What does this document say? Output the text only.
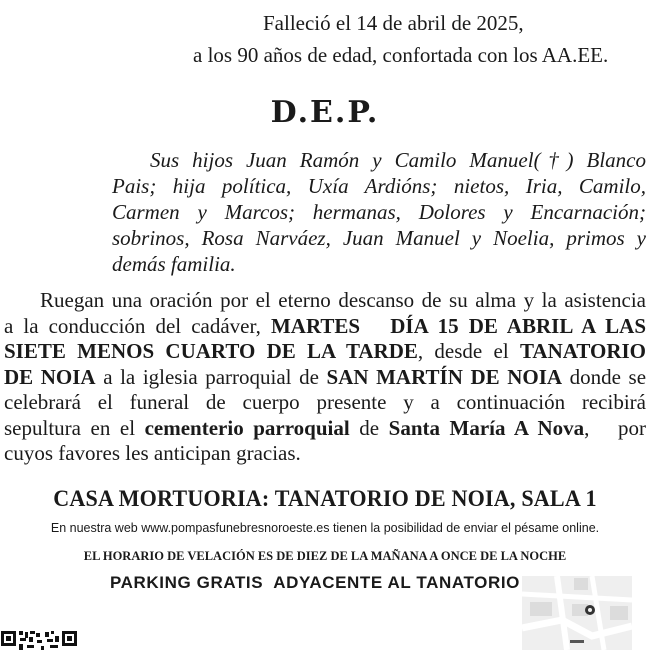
Falleció el 14 de abril de 2025,
a los 90 años de edad, confortada con los AA.EE.
D.E.P.

Sus hijos Juan Ramón y Camilo Manuel(†) Blanco
Pais; hija política, Uxía Ardións; nietos, Iria, Camilo,
Carmen y Marcos; hermanas, Dolores y Encarnación;
sobrinos, Rosa Narváez, Juan Manuel y Noelia, primos y
demás familia.

Ruegan una oración por el eterno descanso de su alma y la asistencia
a la conducción del cadáver, MARTES   DÍA 15 DE ABRIL A LAS
SIETE MENOS CUARTO DE LA TARDE, desde el TANATORIO
DE NOIA a la iglesia parroquial de SAN MARTÍN DE NOIA donde se
celebrará el funeral de cuerpo presente y a continuación recibirá
sepultura en el cementerio parroquial de Santa María A Nova,   por
cuyos favores les anticipan gracias.

CASA MORTUORIA: TANATORIO DE NOIA, SALA 1
En nuestra web www.pompasfunebresnoroeste.es tienen la posibilidad de enviar el pésame online.
EL HORARIO DE VELACIÓN ES DE DIEZ DE LA MAÑANA A ONCE DE LA NOCHE
PARKING GRATIS  ADYACENTE AL TANATORIO
